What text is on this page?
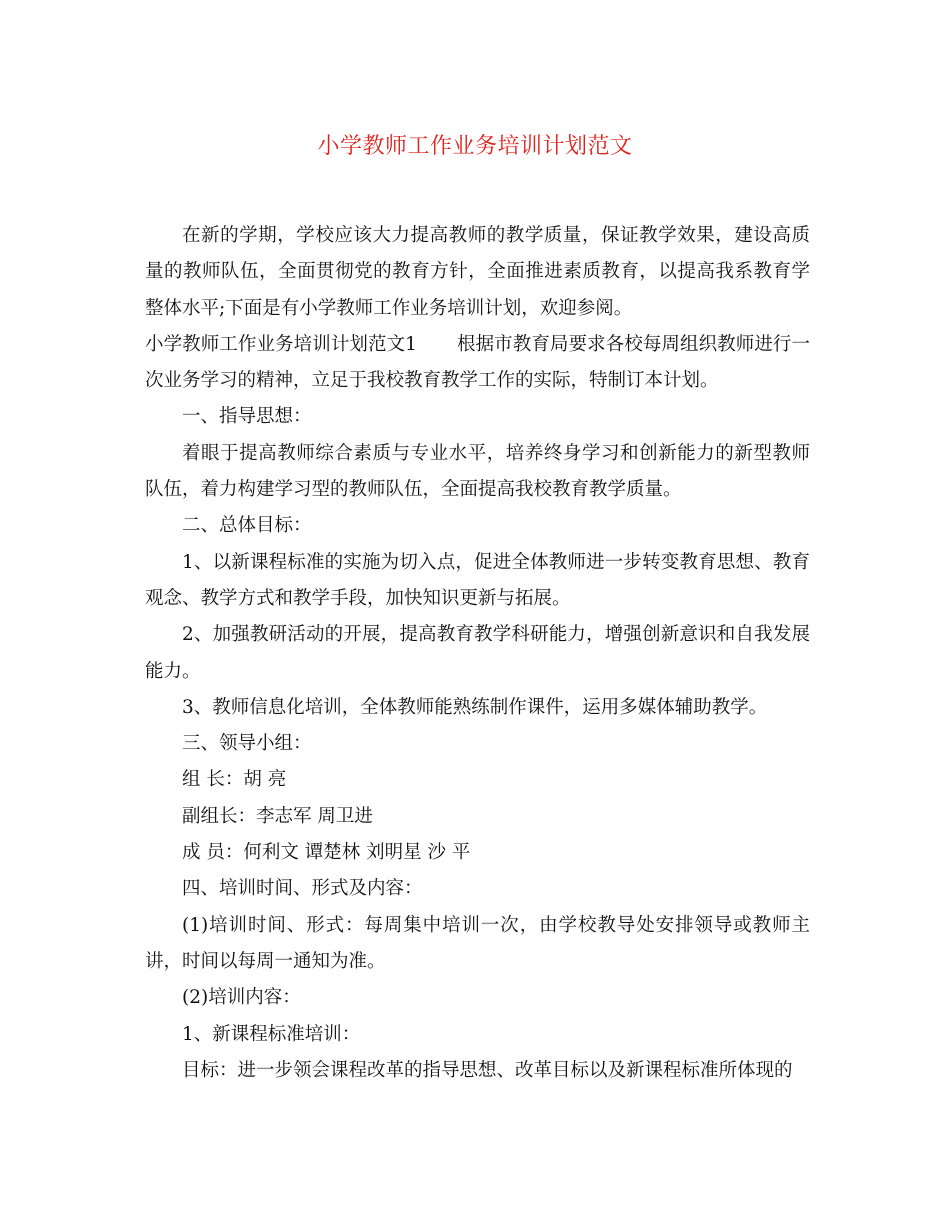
小学教师工作业务培训计划范文

在新的学期，学校应该大力提高教师的教学质量，保证教学效果，建设高质量的教师队伍，全面贯彻党的教育方针，全面推进素质教育，以提高我系教育学整体水平;下面是有小学教师工作业务培训计划，欢迎参阅。

小学教师工作业务培训计划范文1 根据市教育局要求各校每周组织教师进行一次业务学习的精神，立足于我校教育教学工作的实际，特制订本计划。

一、指导思想：

着眼于提高教师综合素质与专业水平，培养终身学习和创新能力的新型教师队伍，着力构建学习型的教师队伍，全面提高我校教育教学质量。

二、总体目标：

1、以新课程标准的实施为切入点，促进全体教师进一步转变教育思想、教育观念、教学方式和教学手段，加快知识更新与拓展。

2、加强教研活动的开展，提高教育教学科研能力，增强创新意识和自我发展能力。

3、教师信息化培训，全体教师能熟练制作课件，运用多媒体辅助教学。

三、领导小组：

组 长：胡 亮

副组长：李志军 周卫进

成 员：何利文 谭楚林 刘明星 沙 平

四、培训时间、形式及内容：

(1)培训时间、形式：每周集中培训一次，由学校教导处安排领导或教师主讲，时间以每周一通知为准。

(2)培训内容：

1、新课程标准培训：

目标：进一步领会课程改革的指导思想、改革目标以及新课程标准所体现的
